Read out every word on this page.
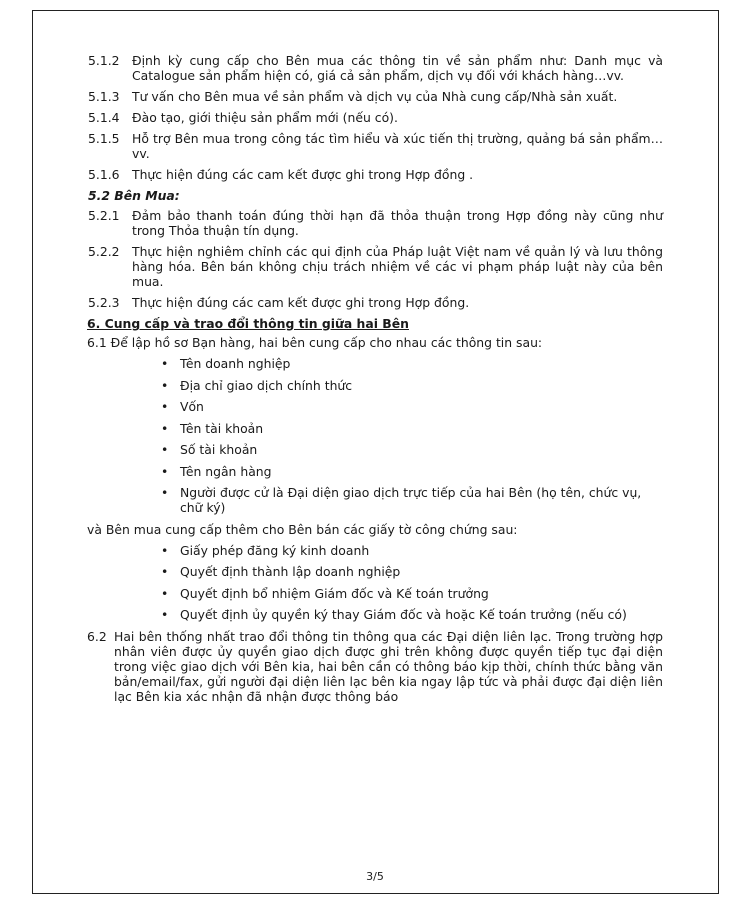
5.1.2	Định kỳ cung cấp cho Bên mua các thông tin về sản phẩm như: Danh mục và Catalogue sản phẩm hiện có, giá cả sản phẩm, dịch vụ đối với khách hàng…vv.
5.1.3	Tư vấn cho Bên mua về sản phẩm và dịch vụ của Nhà cung cấp/Nhà sản xuất.
5.1.4	Đào tạo, giới thiệu sản phẩm mới (nếu có).
5.1.5	Hỗ trợ Bên mua trong công tác tìm hiểu và xúc tiến thị trường, quảng bá sản phẩm…vv.
5.1.6	Thực hiện đúng các cam kết được ghi trong Hợp đồng .
5.2 Bên Mua:
5.2.1	Đảm bảo thanh toán đúng thời hạn đã thỏa thuận trong Hợp đồng này cũng như trong Thỏa thuận tín dụng.
5.2.2	Thực hiện nghiêm chỉnh các qui định của Pháp luật Việt nam về quản lý và lưu thông hàng hóa. Bên bán không chịu trách nhiệm về các vi phạm pháp luật này của bên mua.
5.2.3	Thực hiện đúng các cam kết được ghi trong Hợp đồng.
6. Cung cấp và trao đổi thông tin giữa hai Bên
6.1 Để lập hồ sơ Bạn hàng, hai bên cung cấp cho nhau các thông tin sau:
• Tên doanh nghiệp
• Địa chỉ giao dịch chính thức
• Vốn
• Tên tài khoản
• Số tài khoản
• Tên ngân hàng
• Người được cử là Đại diện giao dịch trực tiếp của hai Bên (họ tên, chức vụ, chữ ký)
và Bên mua cung cấp thêm cho Bên bán các giấy tờ công chứng sau:
• Giấy phép đăng ký kinh doanh
• Quyết định thành lập doanh nghiệp
• Quyết định bổ nhiệm Giám đốc và Kế toán trưởng
• Quyết định ủy quyền ký thay Giám đốc và hoặc Kế toán trưởng (nếu có)
6.2 Hai bên thống nhất trao đổi thông tin thông qua các Đại diện liên lạc. Trong trường hợp nhân viên được ủy quyền giao dịch được ghi trên không được quyền tiếp tục đại diện trong việc giao dịch với Bên kia, hai bên cần có thông báo kịp thời, chính thức bằng văn bản/email/fax, gửi người đại diện liên lạc bên kia ngay lập tức và phải được đại diện liên lạc Bên kia xác nhận đã nhận được thông báo
3/5
